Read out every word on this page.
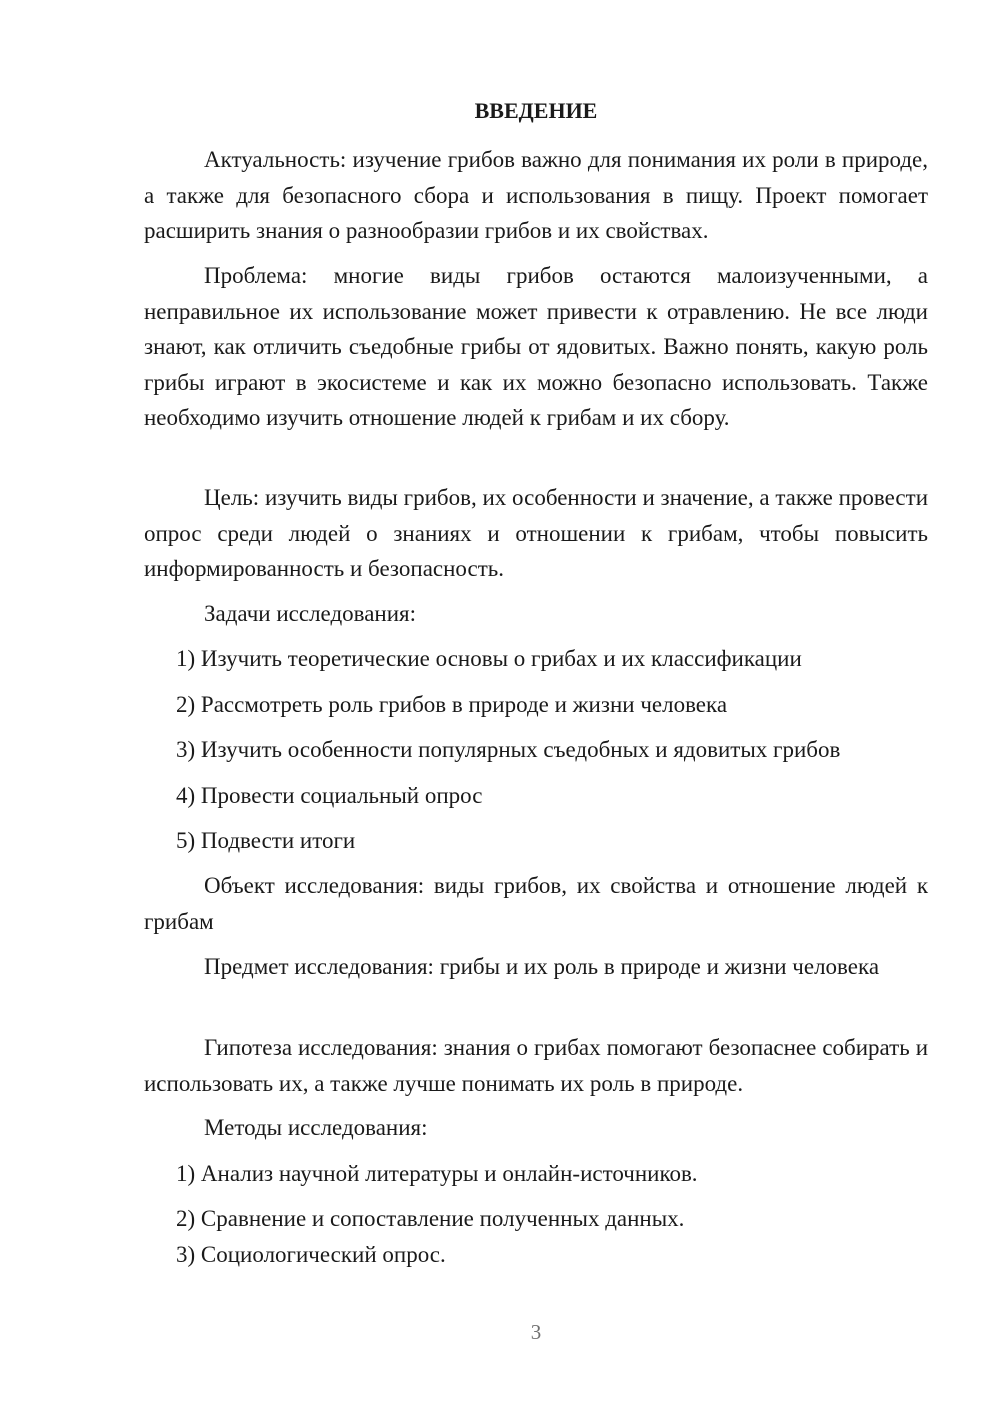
ВВЕДЕНИЕ

Актуальность: изучение грибов важно для понимания их роли в природе, а также для безопасного сбора и использования в пищу. Проект помогает расширить знания о разнообразии грибов и их свойствах.

Проблема: многие виды грибов остаются малоизученными, а неправильное их использование может привести к отравлению. Не все люди знают, как отличить съедобные грибы от ядовитых. Важно понять, какую роль грибы играют в экосистеме и как их можно безопасно использовать. Также необходимо изучить отношение людей к грибам и их сбору.

Цель: изучить виды грибов, их особенности и значение, а также провести опрос среди людей о знаниях и отношении к грибам, чтобы повысить информированность и безопасность.

Задачи исследования:

1) Изучить теоретические основы о грибах и их классификации

2) Рассмотреть роль грибов в природе и жизни человека

3) Изучить особенности популярных съедобных и ядовитых грибов

4) Провести социальный опрос

5) Подвести итоги

Объект исследования: виды грибов, их свойства и отношение людей к грибам

Предмет исследования: грибы и их роль в природе и жизни человека

Гипотеза исследования: знания о грибах помогают безопаснее собирать и использовать их, а также лучше понимать их роль в природе.

Методы исследования:

1) Анализ научной литературы и онлайн-источников.

2) Сравнение и сопоставление полученных данных.

3) Социологический опрос.

3
